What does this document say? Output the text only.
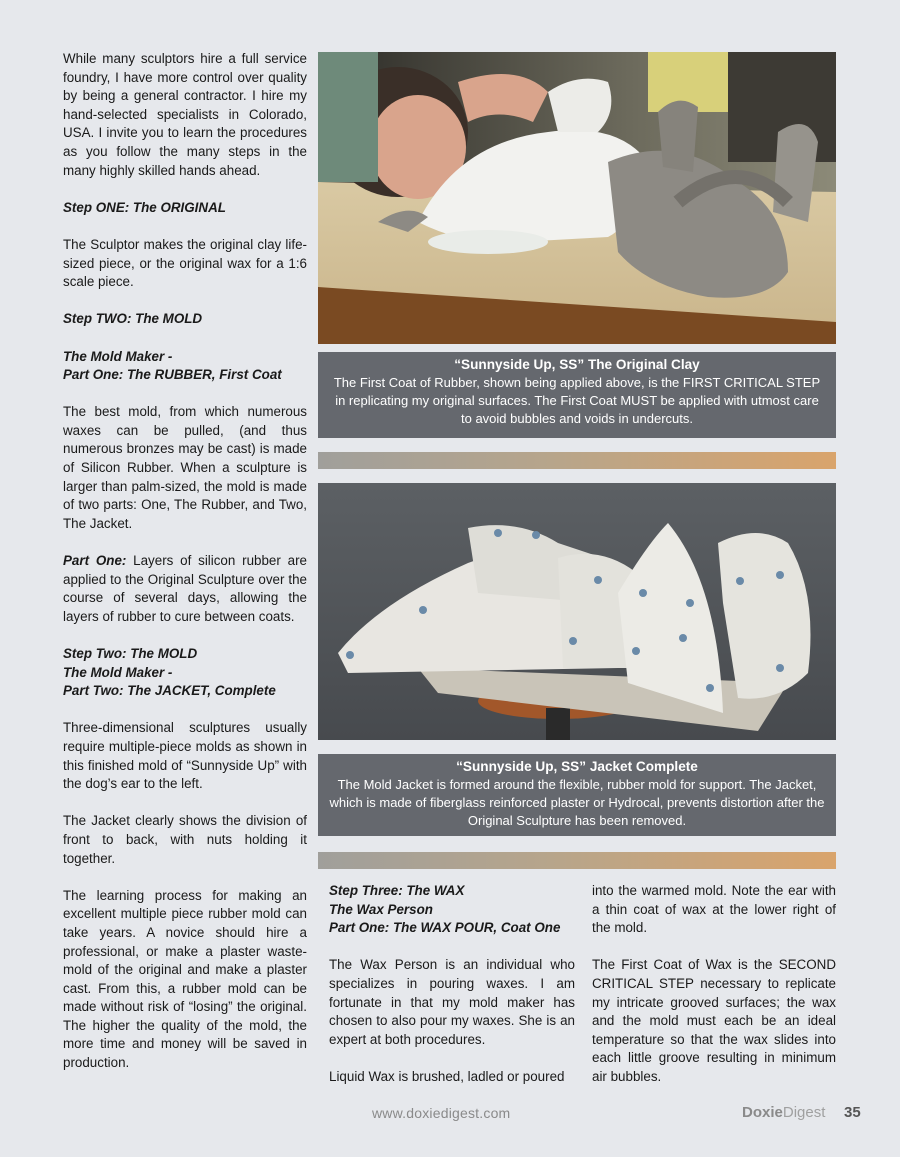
While many sculptors hire a full service foundry, I have more control over quality by being a general contractor. I hire my hand-selected specialists in Colorado, USA. I invite you to learn the procedures as you follow the many steps in the many highly skilled hands ahead.

Step ONE: The ORIGINAL

The Sculptor makes the original clay life-sized piece, or the original wax for a 1:6 scale piece.

Step TWO: The MOLD

The Mold Maker -

Part One: The RUBBER, First Coat

The best mold, from which numerous waxes can be pulled, (and thus numerous bronzes may be cast) is made of Silicon Rubber. When a sculpture is larger than palm-sized, the mold is made of two parts: One, The Rubber, and Two, The Jacket.

Part One: Layers of silicon rubber are applied to the Original Sculpture over the course of several days, allowing the layers of rubber to cure between coats.

Step Two: The MOLD

The Mold Maker -

Part Two: The JACKET, Complete

Three-dimensional sculptures usually require multiple-piece molds as shown in this finished mold of “Sunnyside Up” with the dog’s ear to the left.

The Jacket clearly shows the division of front to back, with nuts holding it together.

The learning process for making an excellent multiple piece rubber mold can take years. A novice should hire a professional, or make a plaster waste-mold of the original and make a plaster cast. From this, a rubber mold can be made without risk of “losing” the original. The higher the quality of the mold, the more time and money will be saved in production.

“Sunnyside Up, SS” The Original Clay
The First Coat of Rubber, shown being applied above, is the FIRST CRITICAL STEP in replicating my original surfaces. The First Coat MUST be applied with utmost care to avoid bubbles and voids in undercuts.
“Sunnyside Up, SS” Jacket Complete
The Mold Jacket is formed around the flexible, rubber mold for support. The Jacket, which is made of fiberglass reinforced plaster or Hydrocal, prevents distortion after the Original Sculpture has been removed.

Step Three: The WAX

The Wax Person

Part One: The WAX POUR, Coat One

The Wax Person is an individual who specializes in pouring waxes. I am fortunate in that my mold maker has chosen to also pour my waxes. She is an expert at both procedures.

Liquid Wax is brushed, ladled or poured

into the warmed mold. Note the ear with a thin coat of wax at the lower right of the mold.

The First Coat of Wax is the SECOND CRITICAL STEP necessary to replicate my intricate grooved surfaces; the wax and the mold must each be an ideal temperature so that the wax slides into each little groove resulting in minimum air bubbles.

www.doxiedigest.com	DoxieDigest 35
